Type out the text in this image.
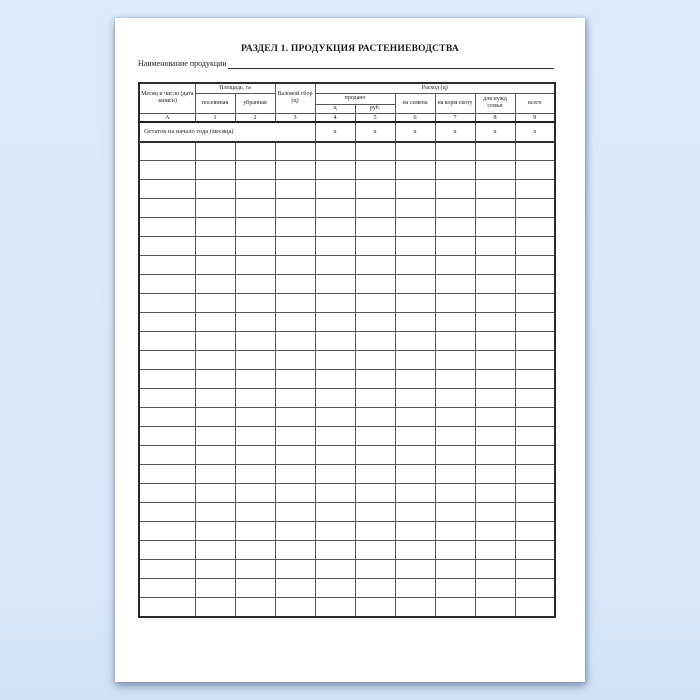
РАЗДЕЛ 1. ПРОДУКЦИЯ РАСТЕНИЕВОДСТВА
Наименование продукции
Месяц и число (дата записи)	Площадь, га		Валовой сбор (ц)	Расход (ц)					
	посеянная	убранная		продано		на семена	на корм скоту	для нужд семьи	всего
				ц	руб.				
А	1	2	3	4	5	6	7	8	9
Остаток на начало года (месяца)				х	х	х	х	х	х
